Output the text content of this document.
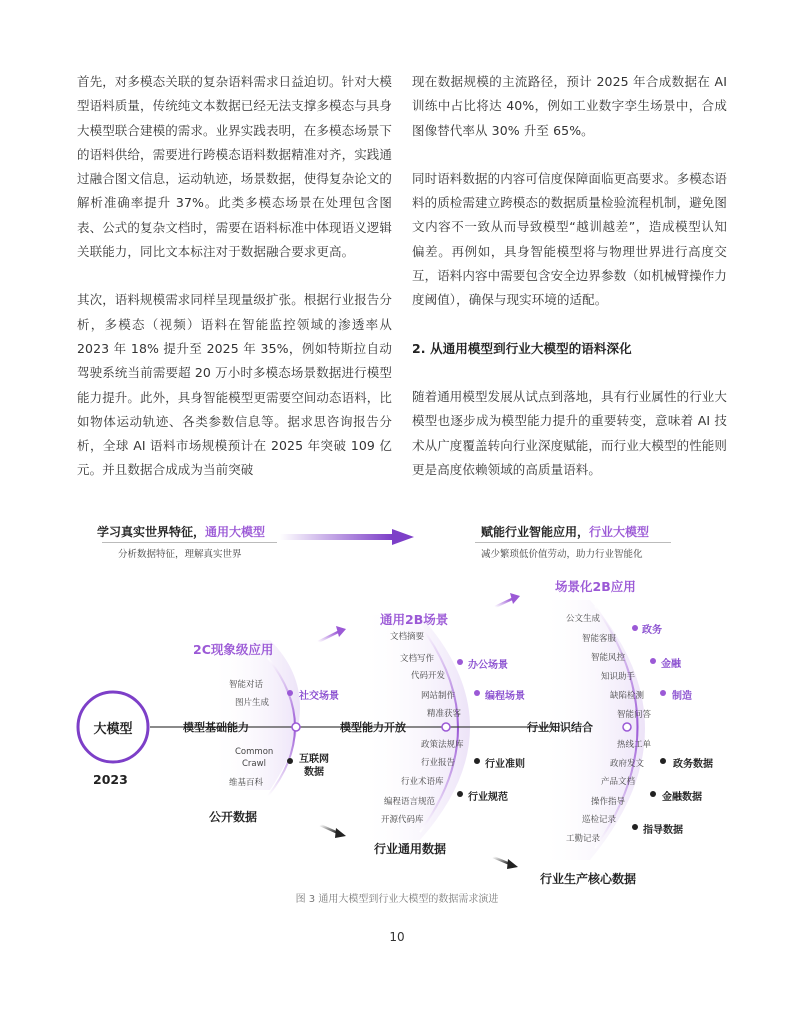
首先，对多模态关联的复杂语料需求日益迫切。针对大模型语料质量，传统纯文本数据已经无法支撑多模态与具身大模型联合建模的需求。业界实践表明，在多模态场景下的语料供给，需要进行跨模态语料数据精准对齐，实践通过融合图文信息，运动轨迹，场景数据，使得复杂论文的解析准确率提升 37%。此类多模态场景在处理包含图表、公式的复杂文档时，需要在语料标准中体现语义逻辑关联能力，同比文本标注对于数据融合要求更高。

其次，语料规模需求同样呈现量级扩张。根据行业报告分析，多模态（视频）语料在智能监控领域的渗透率从 2023 年 18% 提升至 2025 年 35%，例如特斯拉自动驾驶系统当前需要超 20 万小时多模态场景数据进行模型能力提升。此外，具身智能模型更需要空间动态语料，比如物体运动轨迹、各类参数信息等。据求思咨询报告分析，全球 AI 语料市场规模预计在 2025 年突破 109 亿元。并且数据合成成为当前突破

现在数据规模的主流路径，预计 2025 年合成数据在 AI 训练中占比将达 40%，例如工业数字孪生场景中，合成图像替代率从 30% 升至 65%。

同时语料数据的内容可信度保障面临更高要求。多模态语料的质检需建立跨模态的数据质量检验流程机制，避免图文内容不一致从而导致模型“越训越差”，造成模型认知偏差。再例如，具身智能模型将与物理世界进行高度交互，语料内容中需要包含安全边界参数（如机械臂操作力度阈值），确保与现实环境的适配。

2. 从通用模型到行业大模型的语料深化

随着通用模型发展从试点到落地，具有行业属性的行业大模型也逐步成为模型能力提升的重要转变，意味着 AI 技术从广度覆盖转向行业深度赋能，而行业大模型的性能则更是高度依赖领域的高质量语料。

学习真实世界特征，通用大模型
分析数据特征，理解真实世界
赋能行业智能应用，行业大模型
减少繁琐低价值劳动，助力行业智能化
大模型
2023
模型基础能力	模型能力开放	行业知识结合
2C现象级应用
通用2B场景
场景化2B应用
智能对话
图片生成
社交场景
Common
Crawl
维基百科
互联网
数据
公开数据
文档摘要
文档写作
代码开发
网站制作
精准获客
办公场景
编程场景
政策法规库
行业报告
行业术语库
编程语言规范
开源代码库
行业准则
行业规范
行业通用数据
公文生成
智能客服
智能风控
知识助手
缺陷检测
智能问答
政务
金融
制造
热线工单
政府发文
产品文档
操作指导
巡检记录
工勤记录
政务数据
金融数据
指导数据
行业生产核心数据
图 3 通用大模型到行业大模型的数据需求演进
10
